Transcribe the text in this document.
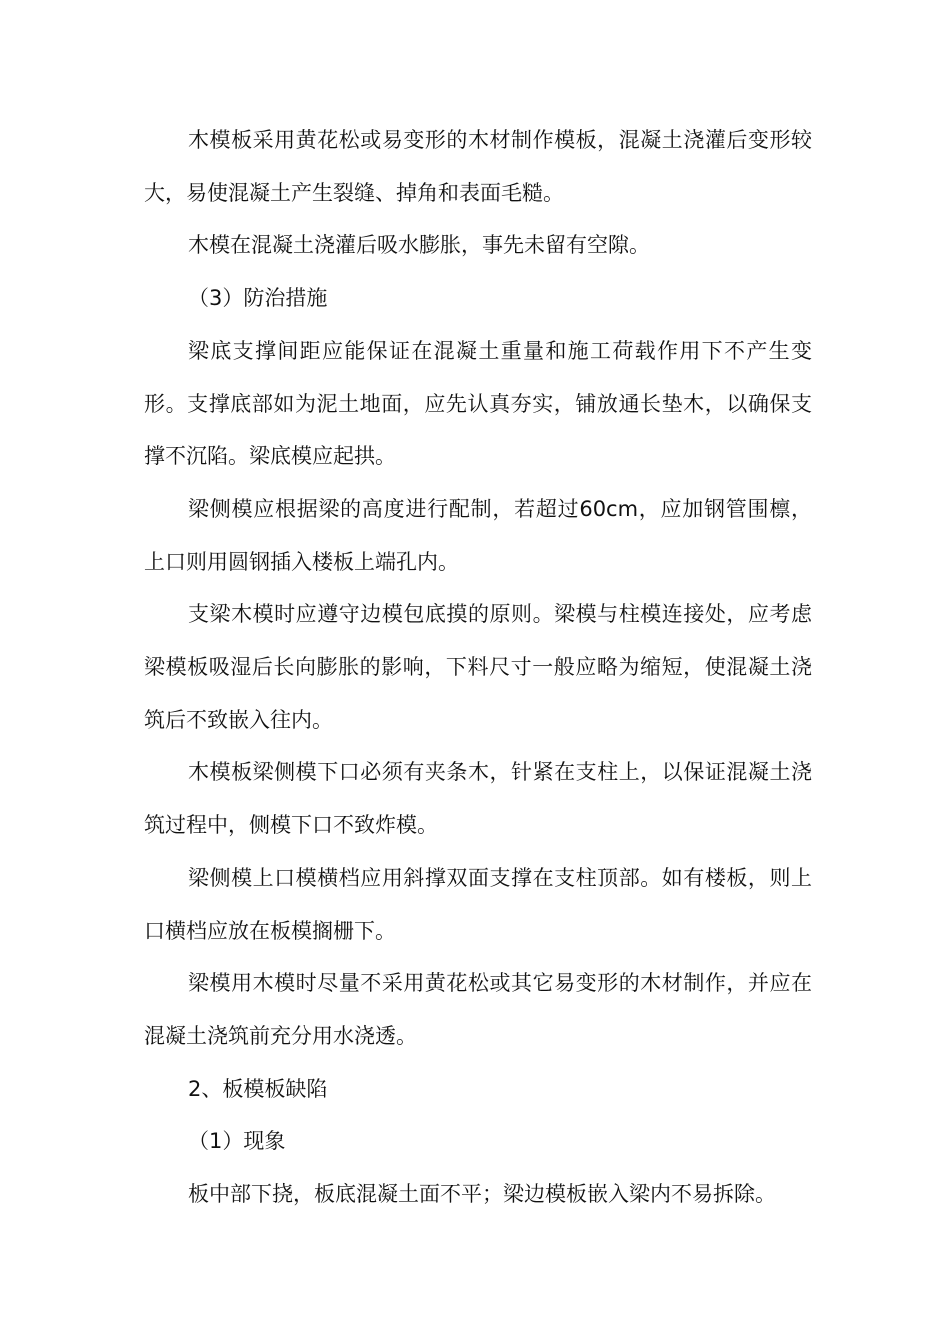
木模板采用黄花松或易变形的木材制作模板，混凝土浇灌后变形较大，易使混凝土产生裂缝、掉角和表面毛糙。

木模在混凝土浇灌后吸水膨胀，事先未留有空隙。

（3）防治措施

梁底支撑间距应能保证在混凝土重量和施工荷载作用下不产生变形。支撑底部如为泥土地面，应先认真夯实，铺放通长垫木，以确保支撑不沉陷。梁底模应起拱。

梁侧模应根据梁的高度进行配制，若超过60cm，应加钢管围檩，上口则用圆钢插入楼板上端孔内。

支梁木模时应遵守边模包底摸的原则。梁模与柱模连接处，应考虑梁模板吸湿后长向膨胀的影响，下料尺寸一般应略为缩短，使混凝土浇筑后不致嵌入往内。

木模板梁侧模下口必须有夹条木，针紧在支柱上，以保证混凝土浇筑过程中，侧模下口不致炸模。

梁侧模上口模横档应用斜撑双面支撑在支柱顶部。如有楼板，则上口横档应放在板模搁栅下。

梁模用木模时尽量不采用黄花松或其它易变形的木材制作，并应在混凝土浇筑前充分用水浇透。

2、板模板缺陷

（1）现象

板中部下挠，板底混凝土面不平；梁边模板嵌入梁内不易拆除。
